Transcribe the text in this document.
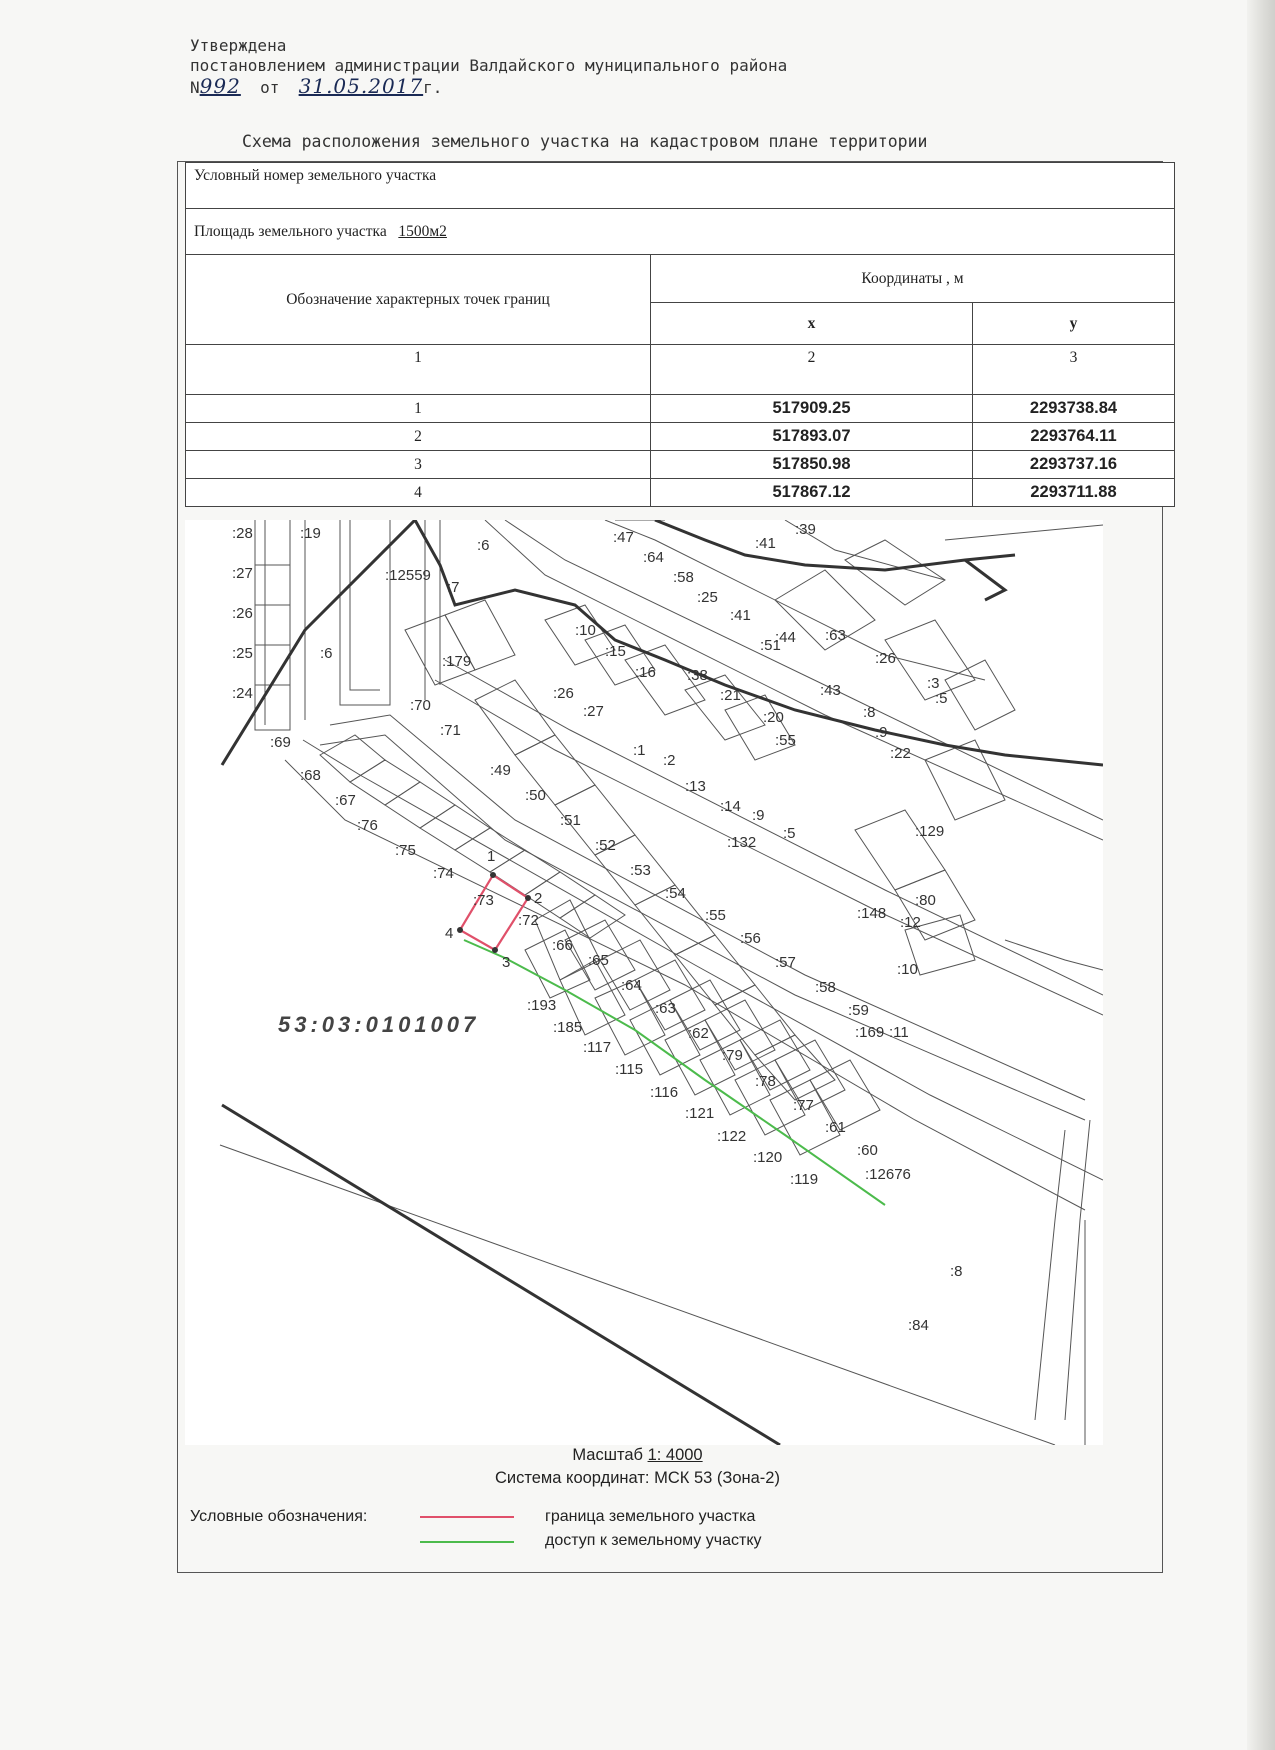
Утверждена
постановлением администрации Валдайского муниципального района
N992 от 31.05.2017г.
Схема расположения земельного участка на кадастровом плане территории
Условный номер земельного участка		
Площадь земельного участка 1500м2		
Обозначение характерных точек границ	Координаты , м	
	x	y
1	2	3
1	517909.25	2293738.84
2	517893.07	2293764.11
3	517850.98	2293737.16
4	517867.12	2293711.88
1
2
3
4
53:03:0101007
:28	:19
:27
:26
:25
:24
:6
:12559
:7
:6
:179
:70
:71
:69
:68
:67
:76
:75
:74
:73
:72
:66
:65
:64
:63
:62
:79
:78
:77
:61
:60
:193
:185
:117
:115
:116
:121
:122
:120
:119
:49
:50
:51
:52
:53
:54
:55
:56
:57
:58
:59
:169 :11
:10
:12
:80
:148
:129
:26
:27
:1
:2
:13
:14
:9
:5
:132
:10
:15
:16 :38
:21
:20
:55
:47
:64
:58
:25
:41
:51
:44
:41
:39
:63
:26
:3
:5
:43
:8
:9
:22
:12676
:8
:84
Масштаб 1: 4000
Система координат: МСК 53 (Зона-2)
Условные обозначения:	граница земельного участка
доступ к земельному участку
